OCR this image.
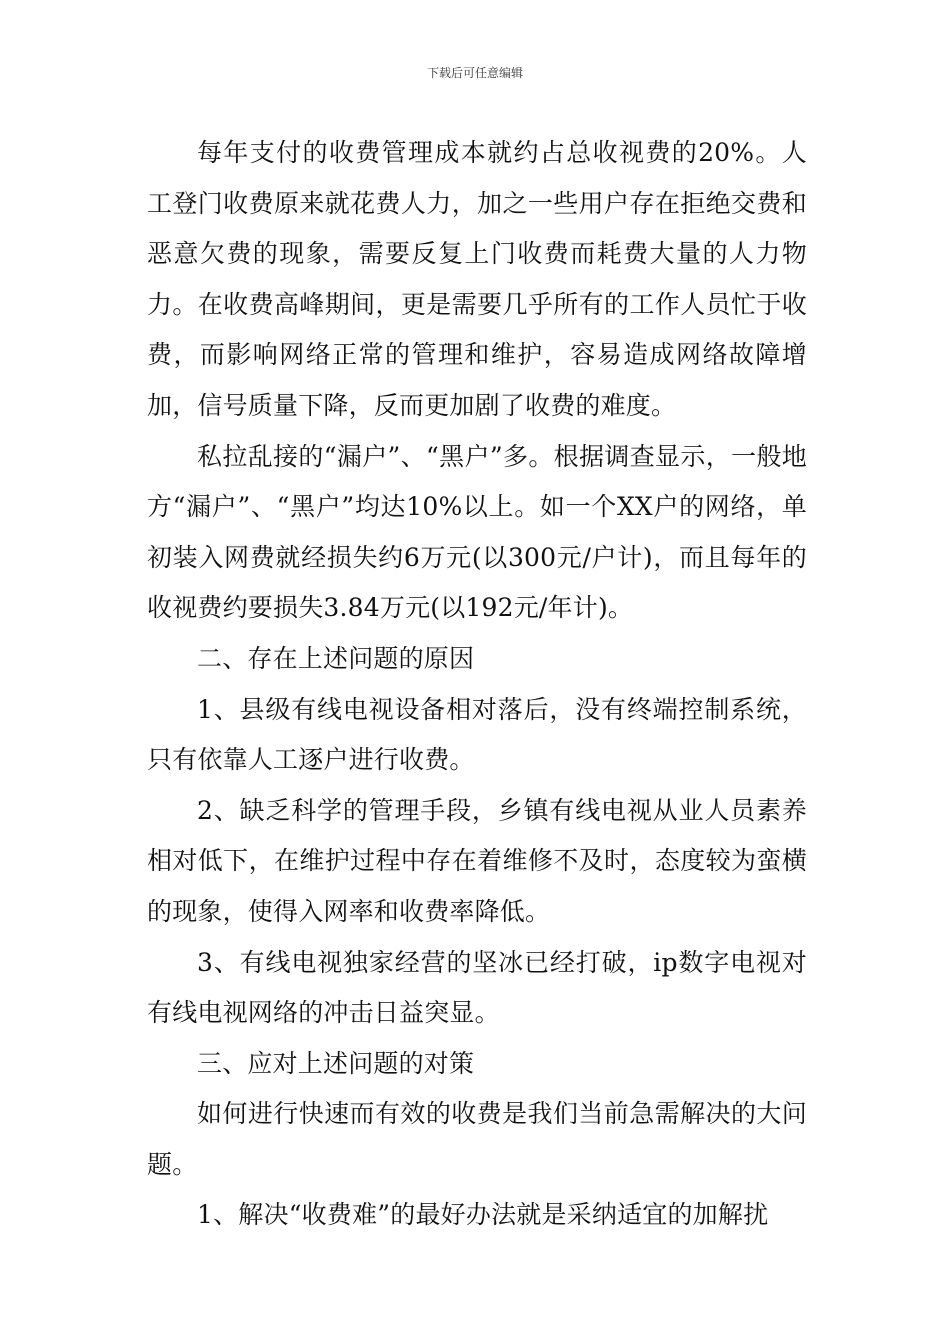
下载后可任意编辑

每年支付的收费管理成本就约占总收视费的20%。人工登门收费原来就花费人力，加之一些用户存在拒绝交费和恶意欠费的现象，需要反复上门收费而耗费大量的人力物力。在收费高峰期间，更是需要几乎所有的工作人员忙于收费，而影响网络正常的管理和维护，容易造成网络故障增加，信号质量下降，反而更加剧了收费的难度。

私拉乱接的“漏户”、“黑户”多。根据调查显示，一般地方“漏户”、“黑户”均达10%以上。如一个XX户的网络，单初装入网费就经损失约6万元(以300元/户计)，而且每年的收视费约要损失3.84万元(以192元/年计)。

二、存在上述问题的原因

1、县级有线电视设备相对落后，没有终端控制系统，只有依靠人工逐户进行收费。

2、缺乏科学的管理手段，乡镇有线电视从业人员素养相对低下，在维护过程中存在着维修不及时，态度较为蛮横的现象，使得入网率和收费率降低。

3、有线电视独家经营的坚冰已经打破，ip数字电视对有线电视网络的冲击日益突显。

三、应对上述问题的对策

如何进行快速而有效的收费是我们当前急需解决的大问题。

1、解决“收费难”的最好办法就是采纳适宜的加解扰
